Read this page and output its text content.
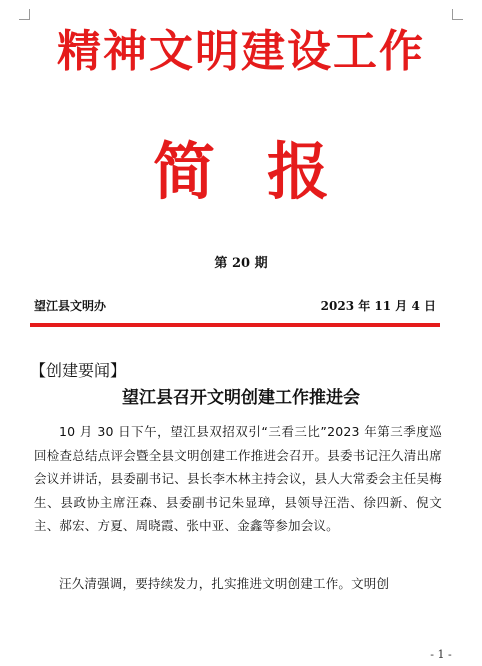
精神文明建设工作
简报
第 20 期
望江县文明办	2023 年 11 月 4 日
【创建要闻】
望江县召开文明创建工作推进会

10 月 30 日下午，望江县双招双引“三看三比”2023 年第三季度巡回检查总结点评会暨全县文明创建工作推进会召开。县委书记汪久清出席会议并讲话，县委副书记、县长李木林主持会议，县人大常委会主任吴梅生、县政协主席汪森、县委副书记朱显璋，县领导汪浩、徐四新、倪文主、郝宏、方夏、周晓霞、张中亚、金鑫等参加会议。

汪久清强调，要持续发力，扎实推进文明创建工作。文明创

- 1 -
